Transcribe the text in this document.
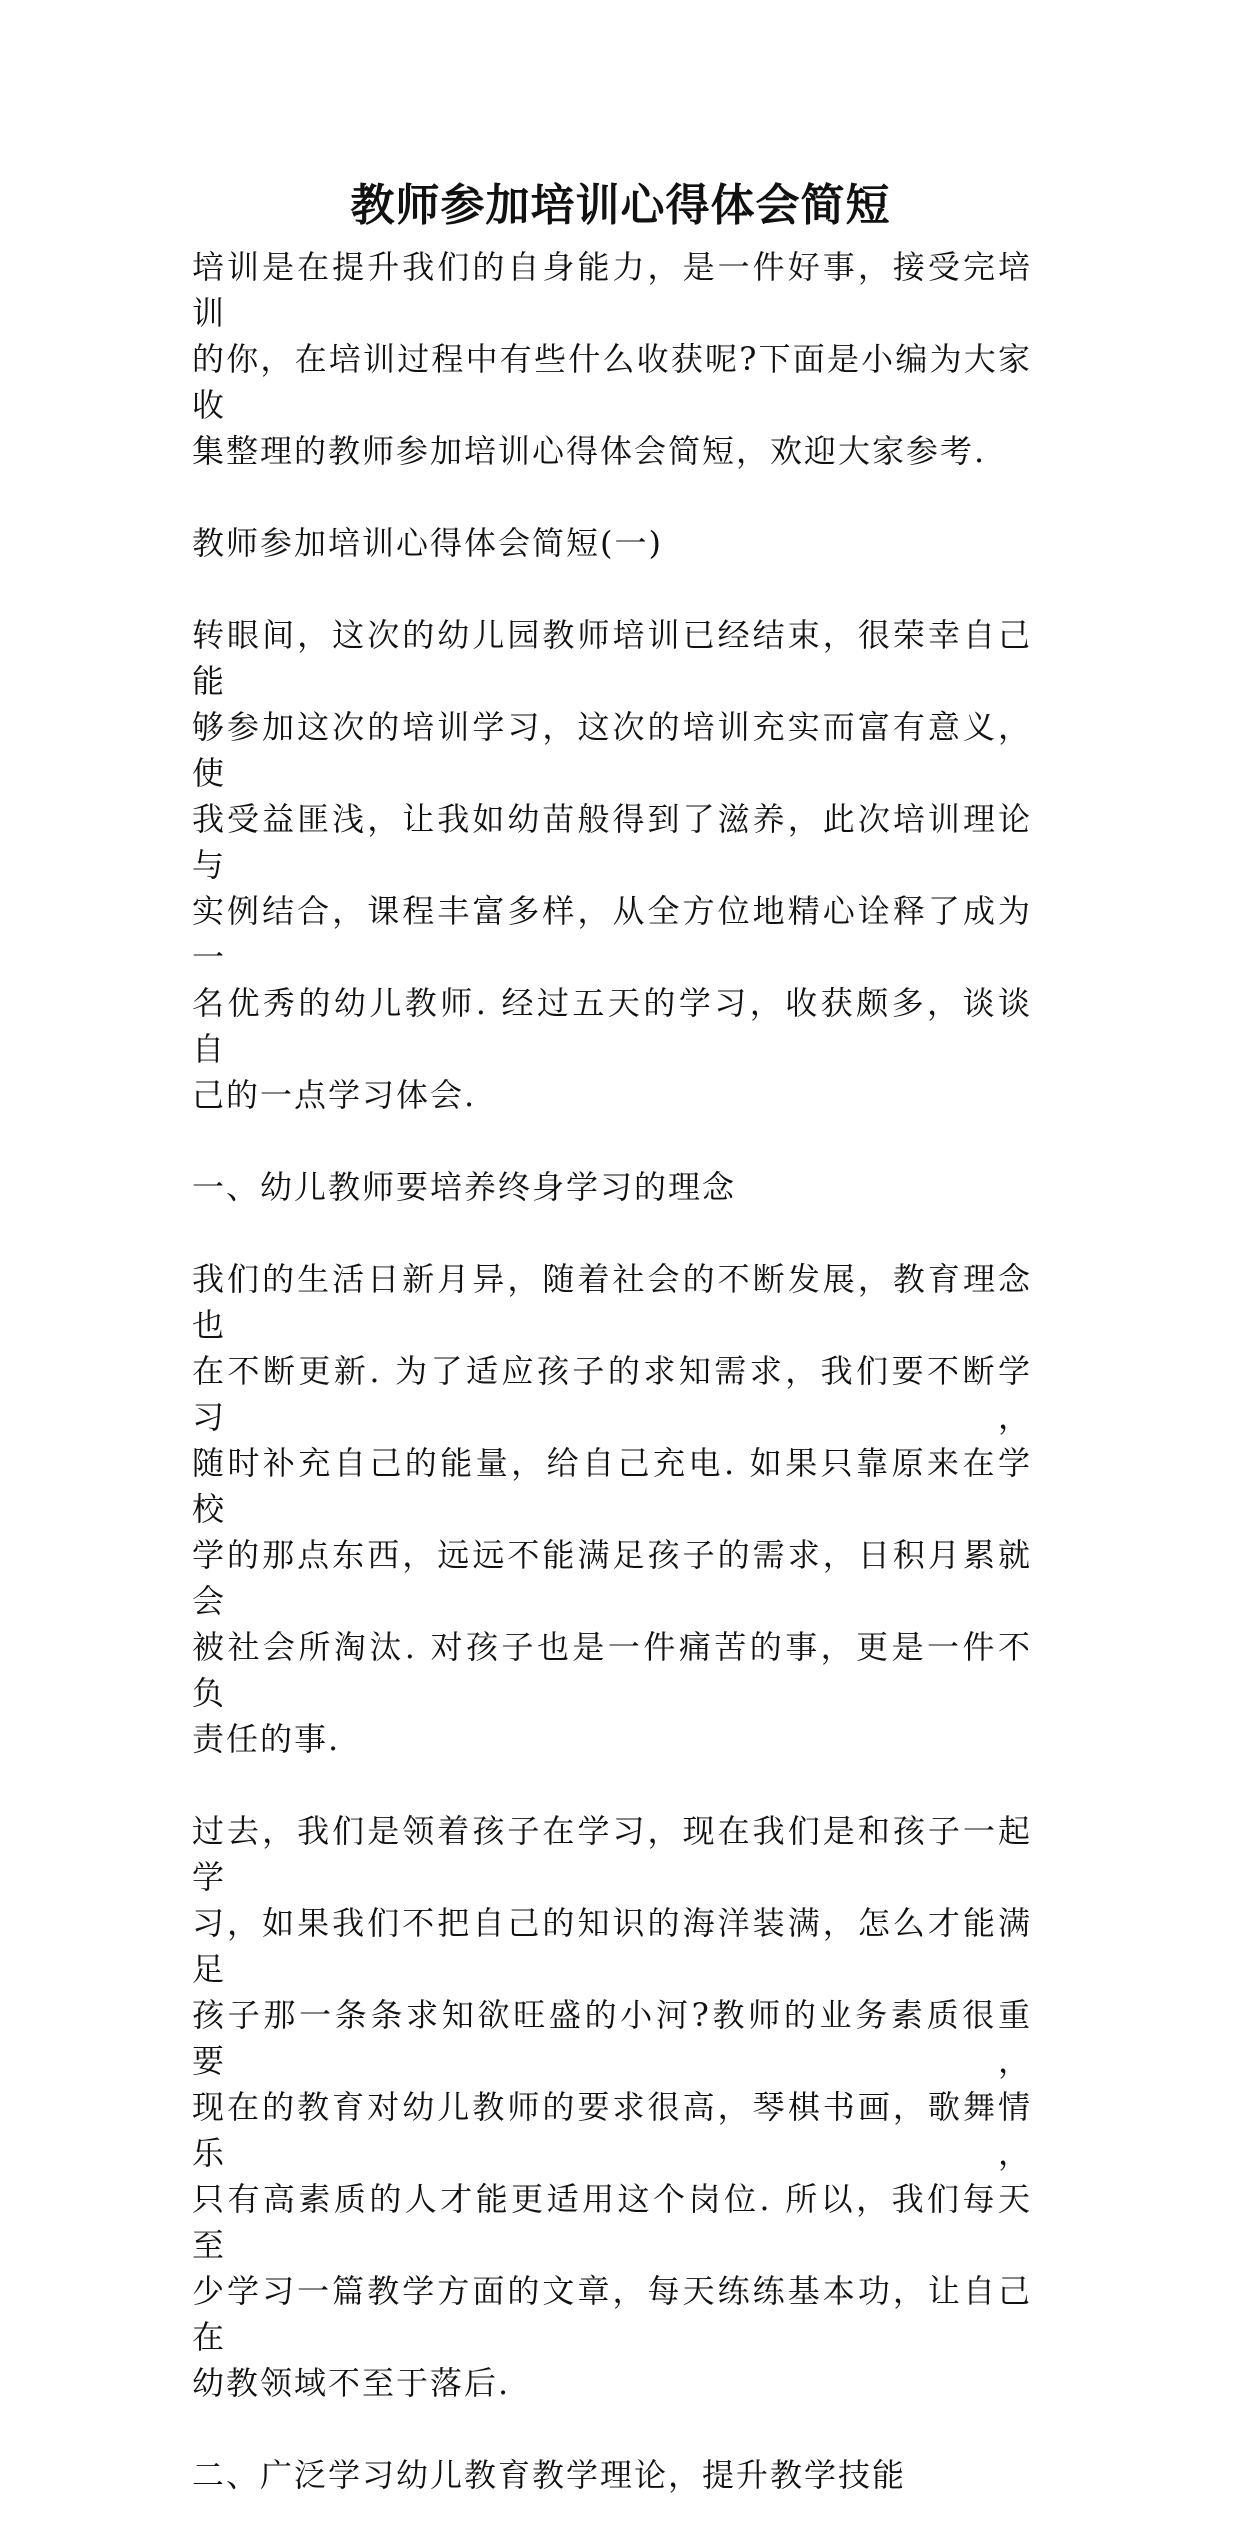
教师参加培训心得体会简短

培训是在提升我们的自身能力，是一件好事，接受完培训
的你，在培训过程中有些什么收获呢?下面是小编为大家收
集整理的教师参加培训心得体会简短，欢迎大家参考.

教师参加培训心得体会简短(一)

转眼间，这次的幼儿园教师培训已经结束，很荣幸自己能
够参加这次的培训学习，这次的培训充实而富有意义，使
我受益匪浅，让我如幼苗般得到了滋养，此次培训理论与
实例结合，课程丰富多样，从全方位地精心诠释了成为一
名优秀的幼儿教师. 经过五天的学习，收获颇多，谈谈自
己的一点学习体会.

一、幼儿教师要培养终身学习的理念

我们的生活日新月异，随着社会的不断发展，教育理念也
在不断更新. 为了适应孩子的求知需求，我们要不断学习，
随时补充自己的能量，给自己充电. 如果只靠原来在学校
学的那点东西，远远不能满足孩子的需求，日积月累就会
被社会所淘汰. 对孩子也是一件痛苦的事，更是一件不负
责任的事.

过去，我们是领着孩子在学习，现在我们是和孩子一起学
习，如果我们不把自己的知识的海洋装满，怎么才能满足
孩子那一条条求知欲旺盛的小河?教师的业务素质很重要，
现在的教育对幼儿教师的要求很高，琴棋书画，歌舞情乐，
只有高素质的人才能更适用这个岗位. 所以，我们每天至
少学习一篇教学方面的文章，每天练练基本功，让自己在
幼教领域不至于落后.

二、广泛学习幼儿教育教学理论，提升教学技能
